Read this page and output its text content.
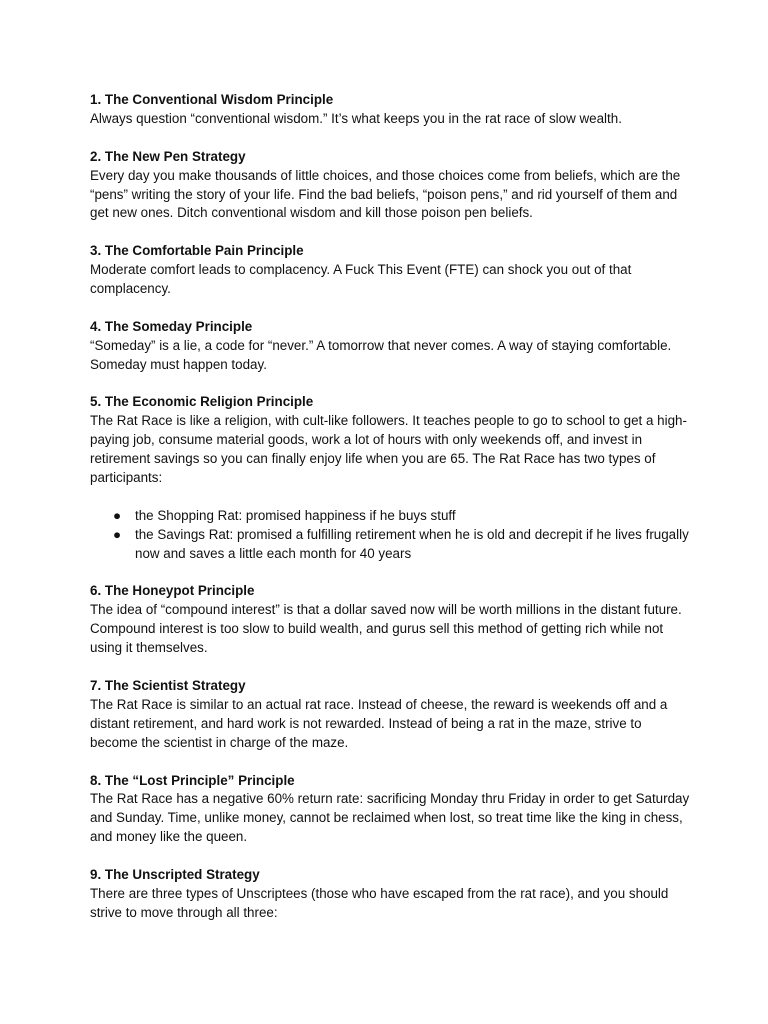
1. The Conventional Wisdom Principle

Always question “conventional wisdom.” It’s what keeps you in the rat race of slow wealth.

2. The New Pen Strategy

Every day you make thousands of little choices, and those choices come from beliefs, which are the “pens” writing the story of your life. Find the bad beliefs, “poison pens,” and rid yourself of them and get new ones. Ditch conventional wisdom and kill those poison pen beliefs.

3. The Comfortable Pain Principle

Moderate comfort leads to complacency. A Fuck This Event (FTE) can shock you out of that complacency.

4. The Someday Principle

“Someday” is a lie, a code for “never.” A tomorrow that never comes. A way of staying comfortable. Someday must happen today.

5. The Economic Religion Principle

The Rat Race is like a religion, with cult-like followers. It teaches people to go to school to get a high-paying job, consume material goods, work a lot of hours with only weekends off, and invest in retirement savings so you can finally enjoy life when you are 65. The Rat Race has two types of participants:

● the Shopping Rat: promised happiness if he buys stuff
● the Savings Rat: promised a fulfilling retirement when he is old and decrepit if he lives frugally now and saves a little each month for 40 years

6. The Honeypot Principle

The idea of “compound interest” is that a dollar saved now will be worth millions in the distant future. Compound interest is too slow to build wealth, and gurus sell this method of getting rich while not using it themselves.

7. The Scientist Strategy

The Rat Race is similar to an actual rat race. Instead of cheese, the reward is weekends off and a distant retirement, and hard work is not rewarded. Instead of being a rat in the maze, strive to become the scientist in charge of the maze.

8. The “Lost Principle” Principle

The Rat Race has a negative 60% return rate: sacrificing Monday thru Friday in order to get Saturday and Sunday. Time, unlike money, cannot be reclaimed when lost, so treat time like the king in chess, and money like the queen.

9. The Unscripted Strategy

There are three types of Unscriptees (those who have escaped from the rat race), and you should strive to move through all three:
